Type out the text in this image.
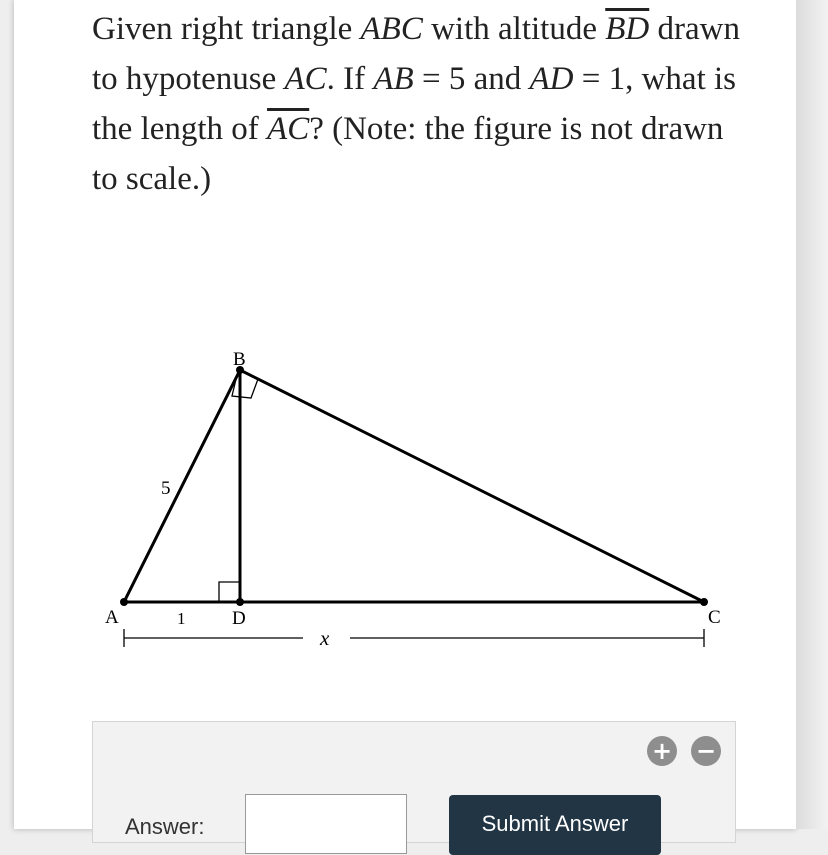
Given right triangle ABC with altitude $\overline{BD}$ drawn to hypotenuse AC. If AB = 5 and AD = 1, what is the length of $\overline{AC}$? (Note: the figure is not drawn to scale.)

B
A	D	C
5
1
x
+ −
Answer:	Submit Answer
